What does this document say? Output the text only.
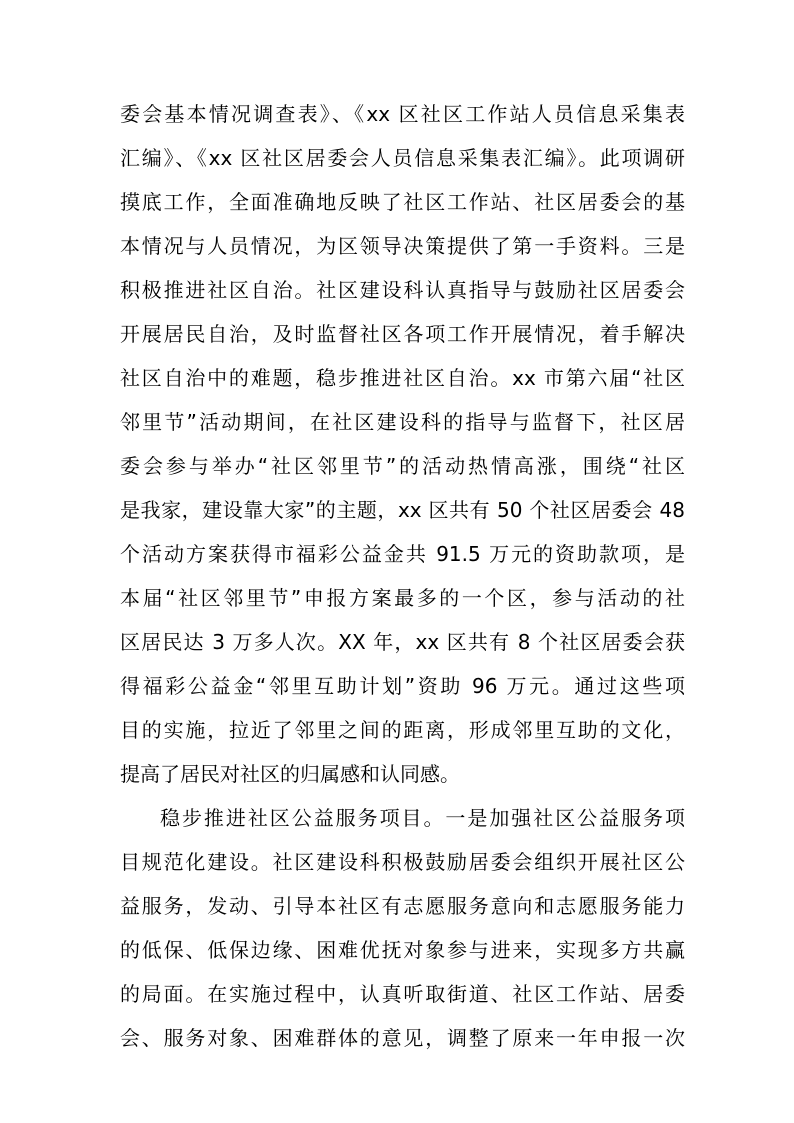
委会基本情况调查表》、《xx 区社区工作站人员信息采集表
汇编》、《xx 区社区居委会人员信息采集表汇编》。此项调研
摸底工作，全面准确地反映了社区工作站、社区居委会的基
本情况与人员情况，为区领导决策提供了第一手资料。三是
积极推进社区自治。社区建设科认真指导与鼓励社区居委会
开展居民自治，及时监督社区各项工作开展情况，着手解决
社区自治中的难题，稳步推进社区自治。xx 市第六届“社区
邻里节”活动期间，在社区建设科的指导与监督下，社区居
委会参与举办“社区邻里节”的活动热情高涨，围绕“社区
是我家，建设靠大家”的主题，xx 区共有 50 个社区居委会 48
个活动方案获得市福彩公益金共 91.5 万元的资助款项，是
本届“社区邻里节”申报方案最多的一个区，参与活动的社
区居民达 3 万多人次。XX 年，xx 区共有 8 个社区居委会获
得福彩公益金“邻里互助计划”资助 96 万元。通过这些项
目的实施，拉近了邻里之间的距离，形成邻里互助的文化，
提高了居民对社区的归属感和认同感。
稳步推进社区公益服务项目。一是加强社区公益服务项
目规范化建设。社区建设科积极鼓励居委会组织开展社区公
益服务，发动、引导本社区有志愿服务意向和志愿服务能力
的低保、低保边缘、困难优抚对象参与进来，实现多方共赢
的局面。在实施过程中，认真听取街道、社区工作站、居委
会、服务对象、困难群体的意见，调整了原来一年申报一次
